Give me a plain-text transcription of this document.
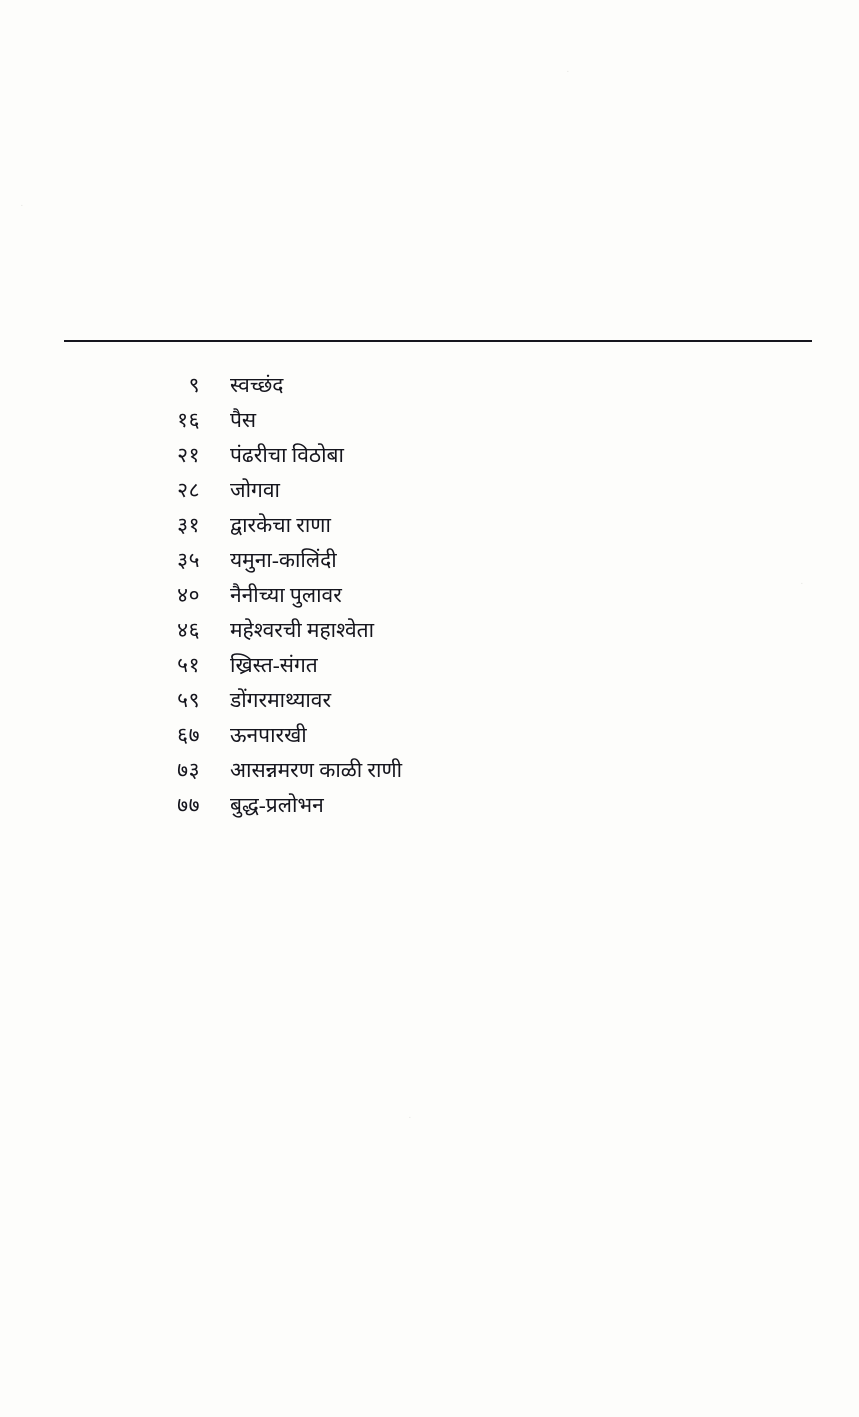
·
·
·
·
९	स्वच्छंद
१६	पैस
२१	पंढरीचा विठोबा
२८	जोगवा
३१	द्वारकेचा राणा
३५	यमुना-कालिंदी
४०	नैनीच्या पुलावर
४६	महेश्वरची महाश्वेता
५१	ख्रिस्त-संगत
५९	डोंगरमाथ्यावर
६७	ऊनपारखी
७३	आसन्नमरण काळी राणी
७७	बुद्ध-प्रलोभन
